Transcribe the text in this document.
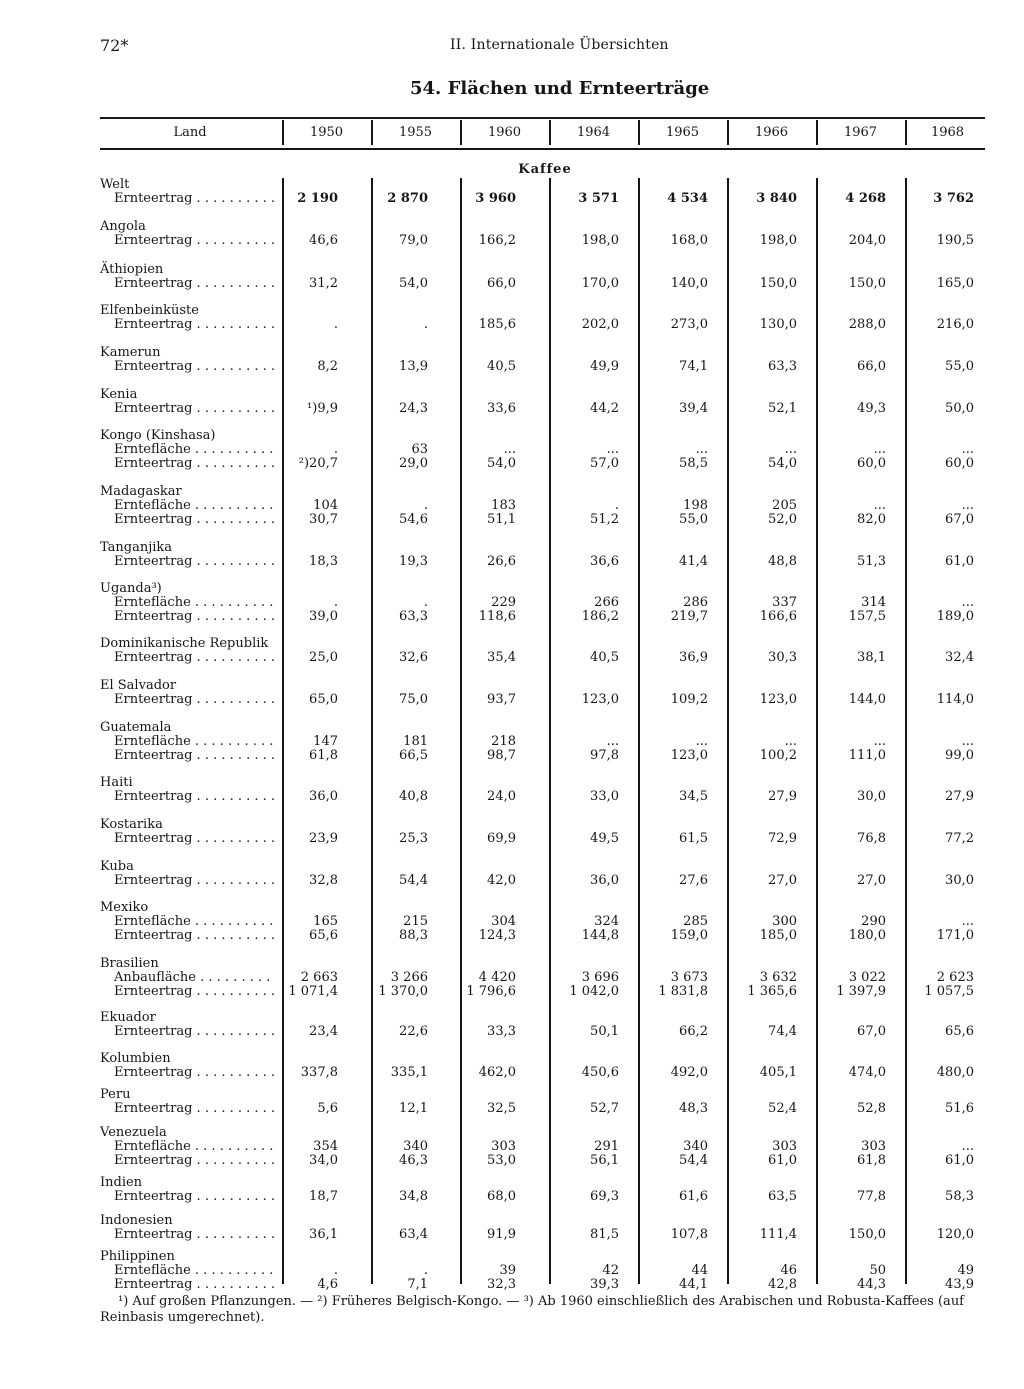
72*	II. Internationale Übersichten
54. Flächen und Ernteerträge
Land	1950	1955	1960	1964	1965	1966	1967	1968
Kaffee
Welt
Ernteertrag . . .	2 190	2 870	3 960	3 571	4 534	3 840	4 268	3 762
Angola
Ernteertrag . . .	46,6	79,0	166,2	198,0	168,0	198,0	204,0	190,5
Äthiopien
Ernteertrag . . .	31,2	54,0	66,0	170,0	140,0	150,0	150,0	165,0
Elfenbeinküste
Ernteertrag . . .	.	.	185,6	202,0	273,0	130,0	288,0	216,0
Kamerun
Ernteertrag . . .	8,2	13,9	40,5	49,9	74,1	63,3	66,0	55,0
Kenia
Ernteertrag . . .	¹)9,9	24,3	33,6	44,2	39,4	52,1	49,3	50,0
Kongo (Kinshasa)
Erntefläche . . .	.	63	...	...	...	...	...	...
Ernteertrag . . .	²)20,7	29,0	54,0	57,0	58,5	54,0	60,0	60,0
Madagaskar
Erntefläche . . .	104	.	183	.	198	205	...	...
Ernteertrag . . .	30,7	54,6	51,1	51,2	55,0	52,0	82,0	67,0
Tanganjika
Ernteertrag . . .	18,3	19,3	26,6	36,6	41,4	48,8	51,3	61,0
Uganda³)
Erntefläche . . .	.	.	229	266	286	337	314	...
Ernteertrag . . .	39,0	63,3	118,6	186,2	219,7	166,6	157,5	189,0
Dominikanische Republik
Ernteertrag . . .	25,0	32,6	35,4	40,5	36,9	30,3	38,1	32,4
El Salvador
Ernteertrag . . .	65,0	75,0	93,7	123,0	109,2	123,0	144,0	114,0
Guatemala
Erntefläche . . .	147	181	218	...	...	...	...	...
Ernteertrag . . .	61,8	66,5	98,7	97,8	123,0	100,2	111,0	99,0
Haiti
Ernteertrag . . .	36,0	40,8	24,0	33,0	34,5	27,9	30,0	27,9
Kostarika
Ernteertrag . . .	23,9	25,3	69,9	49,5	61,5	72,9	76,8	77,2
Kuba
Ernteertrag . . .	32,8	54,4	42,0	36,0	27,6	27,0	27,0	30,0
Mexiko
Erntefläche . . .	165	215	304	324	285	300	290	...
Ernteertrag . . .	65,6	88,3	124,3	144,8	159,0	185,0	180,0	171,0
Brasilien
Anbaufläche . . .	2 663	3 266	4 420	3 696	3 673	3 632	3 022	2 623
Ernteertrag . . .	1 071,4	1 370,0	1 796,6	1 042,0	1 831,8	1 365,6	1 397,9	1 057,5
Ekuador
Ernteertrag . . .	23,4	22,6	33,3	50,1	66,2	74,4	67,0	65,6
Kolumbien
Ernteertrag . . .	337,8	335,1	462,0	450,6	492,0	405,1	474,0	480,0
Peru
Ernteertrag . . .	5,6	12,1	32,5	52,7	48,3	52,4	52,8	51,6
Venezuela
Erntefläche . . .	354	340	303	291	340	303	303	...
Ernteertrag . . .	34,0	46,3	53,0	56,1	54,4	61,0	61,8	61,0
Indien
Ernteertrag . . .	18,7	34,8	68,0	69,3	61,6	63,5	77,8	58,3
Indonesien
Ernteertrag . . .	36,1	63,4	91,9	81,5	107,8	111,4	150,0	120,0
Philippinen
Erntefläche . . .	.	.	39	42	44	46	50	49
Ernteertrag . . .	4,6	7,1	32,3	39,3	44,1	42,8	44,3	43,9
¹) Auf großen Pflanzungen. — ²) Früheres Belgisch-Kongo. — ³) Ab 1960 einschließlich des Arabischen und Robusta-Kaffees (auf Reinbasis umgerechnet).
